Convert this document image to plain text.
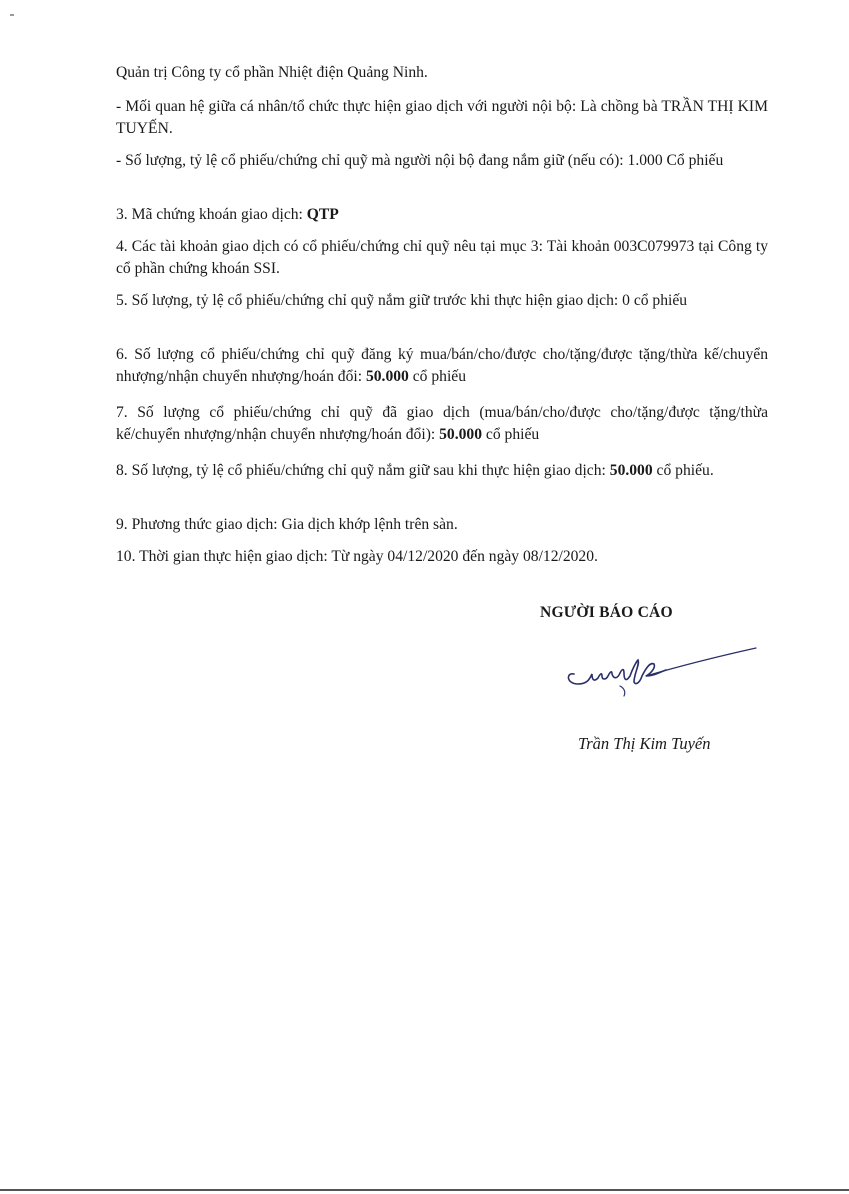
Quản trị Công ty cổ phần Nhiệt điện Quảng Ninh.

- Mối quan hệ giữa cá nhân/tổ chức thực hiện giao dịch với người nội bộ: Là chồng bà TRẦN THỊ KIM TUYẾN.

- Số lượng, tỷ lệ cổ phiếu/chứng chỉ quỹ mà người nội bộ đang nắm giữ (nếu có): 1.000 Cổ phiếu

3. Mã chứng khoán giao dịch: QTP

4. Các tài khoản giao dịch có cổ phiếu/chứng chỉ quỹ nêu tại mục 3: Tài khoản 003C079973 tại Công ty cổ phần chứng khoán SSI.

5. Số lượng, tỷ lệ cổ phiếu/chứng chỉ quỹ nắm giữ trước khi thực hiện giao dịch: 0 cổ phiếu

6. Số lượng cổ phiếu/chứng chỉ quỹ đăng ký mua/bán/cho/được cho/tặng/được tặng/thừa kế/chuyển nhượng/nhận chuyển nhượng/hoán đổi: 50.000 cổ phiếu

7. Số lượng cổ phiếu/chứng chỉ quỹ đã giao dịch (mua/bán/cho/được cho/tặng/được tặng/thừa kế/chuyển nhượng/nhận chuyển nhượng/hoán đổi): 50.000 cổ phiếu

8. Số lượng, tỷ lệ cổ phiếu/chứng chỉ quỹ nắm giữ sau khi thực hiện giao dịch: 50.000 cổ phiếu.

9. Phương thức giao dịch: Gia dịch khớp lệnh trên sàn.

10. Thời gian thực hiện giao dịch: Từ ngày 04/12/2020 đến ngày 08/12/2020.

NGƯỜI BÁO CÁO
Trần Thị Kim Tuyến
